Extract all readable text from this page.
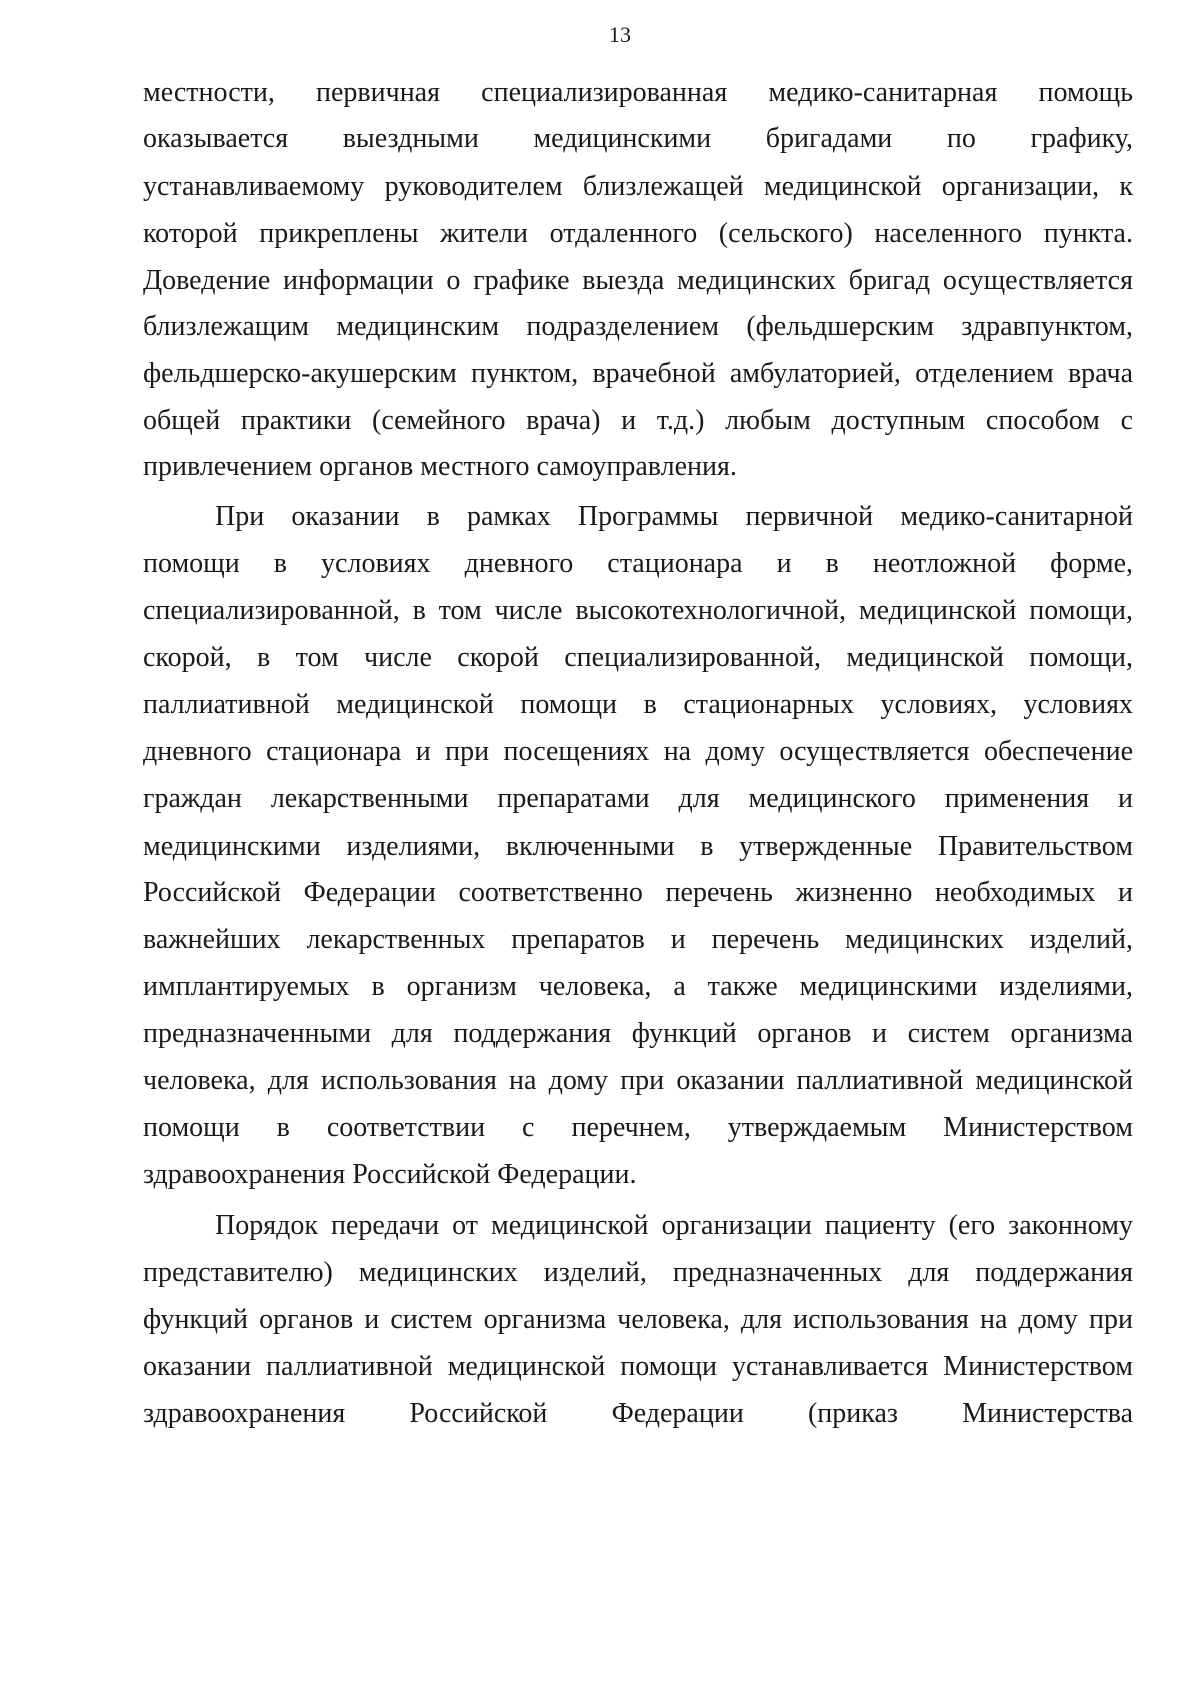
13
местности, первичная специализированная медико-санитарная помощь
оказывается выездными медицинскими бригадами по графику,
устанавливаемому руководителем близлежащей медицинской организации, к
которой прикреплены жители отдаленного (сельского) населенного пункта.
Доведение информации о графике выезда медицинских бригад осуществляется
близлежащим медицинским подразделением (фельдшерским здравпунктом,
фельдшерско-акушерским пунктом, врачебной амбулаторией, отделением врача
общей практики (семейного врача) и т.д.) любым доступным способом с
привлечением органов местного самоуправления.
При оказании в рамках Программы первичной медико-санитарной
помощи в условиях дневного стационара и в неотложной форме,
специализированной, в том числе высокотехнологичной, медицинской помощи,
скорой, в том числе скорой специализированной, медицинской помощи,
паллиативной медицинской помощи в стационарных условиях, условиях
дневного стационара и при посещениях на дому осуществляется обеспечение
граждан лекарственными препаратами для медицинского применения и
медицинскими изделиями, включенными в утвержденные Правительством
Российской Федерации соответственно перечень жизненно необходимых и
важнейших лекарственных препаратов и перечень медицинских изделий,
имплантируемых в организм человека, а также медицинскими изделиями,
предназначенными для поддержания функций органов и систем организма
человека, для использования на дому при оказании паллиативной медицинской
помощи в соответствии с перечнем, утверждаемым Министерством
здравоохранения Российской Федерации.
Порядок передачи от медицинской организации пациенту (его законному
представителю) медицинских изделий, предназначенных для поддержания
функций органов и систем организма человека, для использования на дому при
оказании паллиативной медицинской помощи устанавливается Министерством
здравоохранения Российской Федерации (приказ Министерства
